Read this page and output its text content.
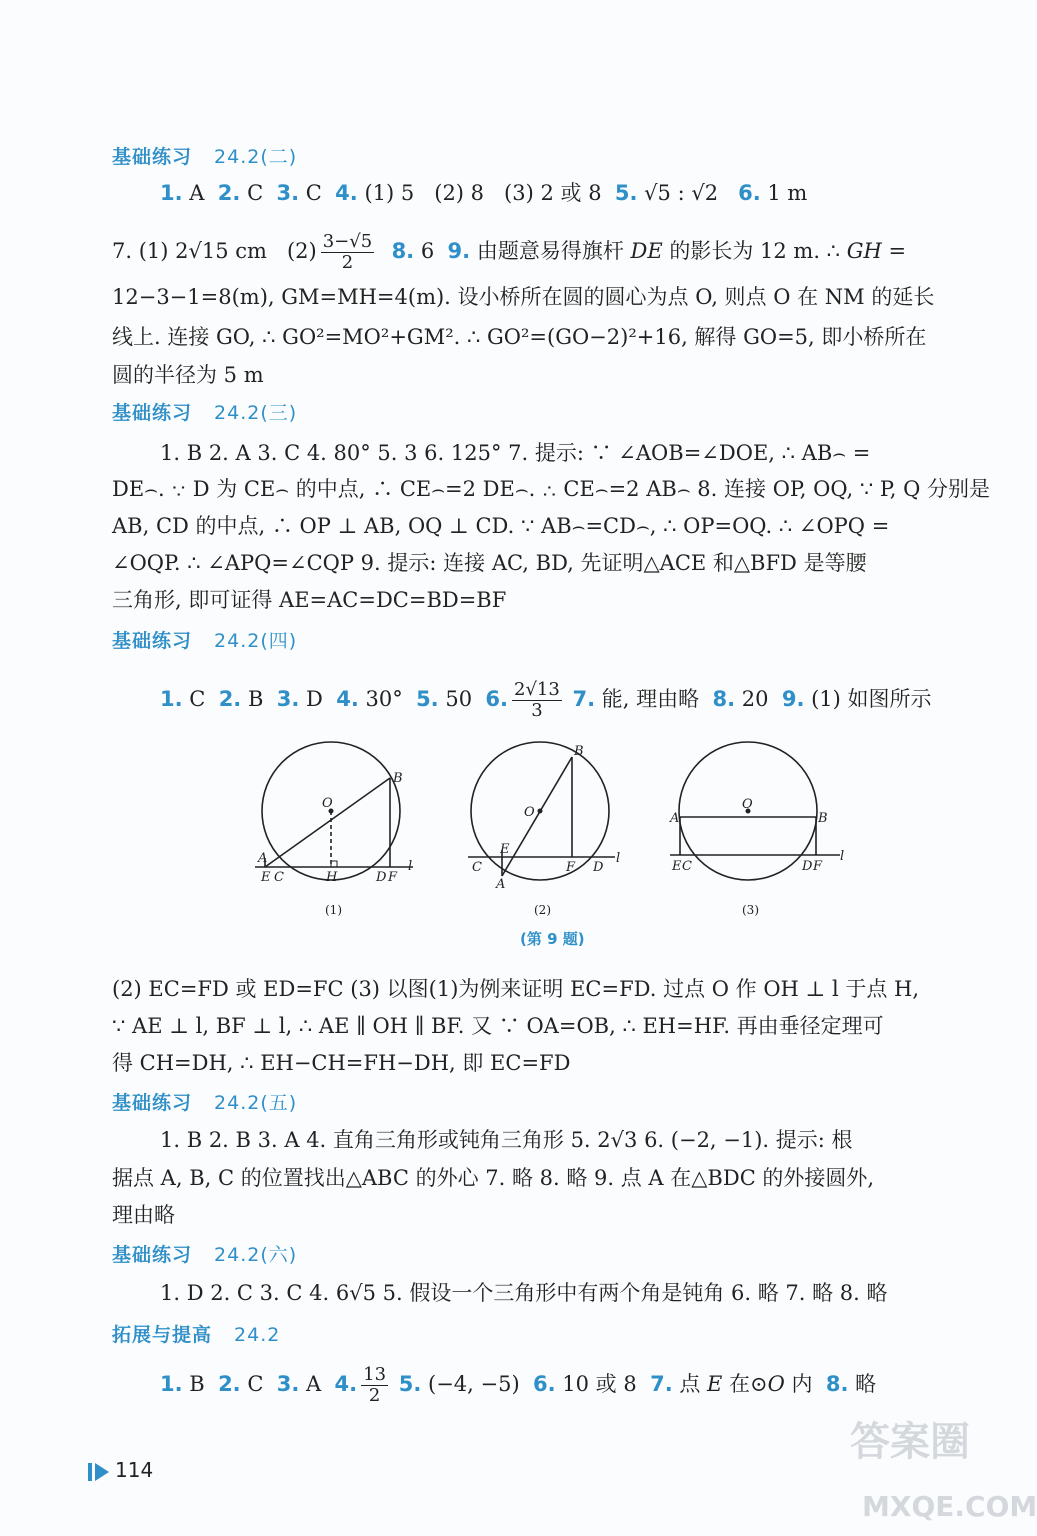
基础练习 24.2(二)
1. A  2. C  3. C  4. (1) 5   (2) 8   (3) 2 或 8  5. √5 : √2   6. 1 m
7. (1) 2√15 cm   $(2) \frac{3-√5}{2} 8$. 6  9. 由题意易得旗杆 DE 的影长为 12 m. ∴ GH =
12−3−1=8(m), GM=MH=4(m). 设小桥所在圆的圆心为点 O, 则点 O 在 NM 的延长
线上. 连接 GO, ∴ GO²=MO²+GM². ∴ GO²=(GO−2)²+16, 解得 GO=5, 即小桥所在
圆的半径为 5 m
基础练习 24.2(三)
1. B 2. A 3. C 4. 80° 5. 3 6. 125° 7. 提示: ∵ ∠AOB=∠DOE, ∴ AB⌢ =
DE⌢. ∵ D 为 CE⌢ 的中点, ∴ CE⌢=2 DE⌢. ∴ CE⌢=2 AB⌢ 8. 连接 OP, OQ, ∵ P, Q 分别是
AB, CD 的中点, ∴ OP ⊥ AB, OQ ⊥ CD. ∵ AB⌢=CD⌢, ∴ OP=OQ. ∴ ∠OPQ =
∠OQP. ∴ ∠APQ=∠CQP 9. 提示: 连接 AC, BD, 先证明△ACE 和△BFD 是等腰
三角形, 即可证得 AE=AC=DC=BD=BF
基础练习 24.2(四)
1. C  2. B  3. D  4. 30°  5. 50  6. $\frac{2√13}{3} 7$. 能, 理由略  8. 20  9. (1) 如图所示
O
B
A
E C	H	D F
l
O
B
C
E
A
F D
l
O
A	B
E C	D F
l
(1)	(2)	(3)
(第 9 题)
(2) EC=FD 或 ED=FC (3) 以图(1)为例来证明 EC=FD. 过点 O 作 OH ⊥ l 于点 H,
∵ AE ⊥ l, BF ⊥ l, ∴ AE ∥ OH ∥ BF. 又 ∵ OA=OB, ∴ EH=HF. 再由垂径定理可
得 CH=DH, ∴ EH−CH=FH−DH, 即 EC=FD
基础练习 24.2(五)
1. B 2. B 3. A 4. 直角三角形或钝角三角形 5. 2√3 6. (−2, −1). 提示: 根
据点 A, B, C 的位置找出△ABC 的外心 7. 略 8. 略 9. 点 A 在△BDC 的外接圆外,
理由略
基础练习 24.2(六)
1. D 2. C 3. C 4. 6√5 5. 假设一个三角形中有两个角是钝角 6. 略 7. 略 8. 略
拓展与提高 24.2
1. B  2. C  3. A  4. $\frac{13}{2} 5$. (−4, −5)  6. 10 或 8  7. 点 E 在⊙O 内  8. 略
114
答案圈
MXQE.COM
